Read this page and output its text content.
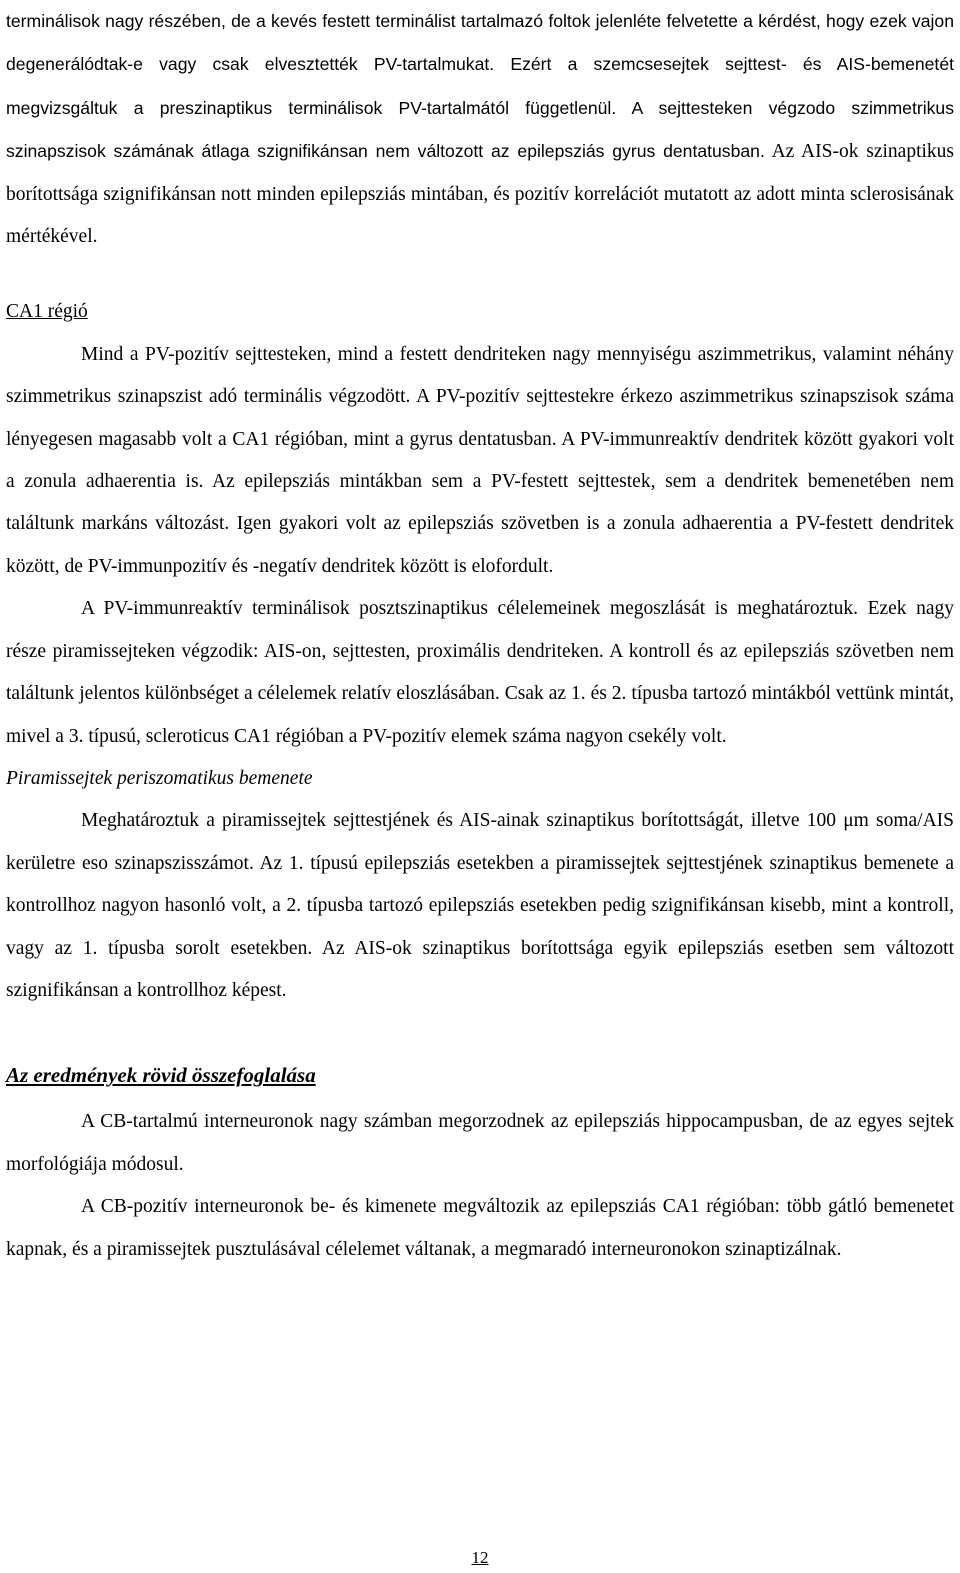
terminálisok nagy részében, de a kevés festett terminálist tartalmazó foltok jelenléte felvetette a kérdést, hogy ezek vajon degenerálódtak-e vagy csak elvesztették PV-tartalmukat. Ezért a szemcsesejtek sejttest- és AIS-bemenetét megvizsgáltuk a preszinaptikus terminálisok PV-tartalmától függetlenül. A sejttesteken végzodo szimmetrikus szinapszisok számának átlaga szignifikánsan nem változott az epilepsziás gyrus dentatusban. Az AIS-ok szinaptikus borítottsága szignifikánsan nott minden epilepsziás mintában, és pozitív korrelációt mutatott az adott minta sclerosisának mértékével.

CA1 régió

Mind a PV-pozitív sejttesteken, mind a festett dendriteken nagy mennyiségu aszimmetrikus, valamint néhány szimmetrikus szinapszist adó terminális végzodött. A PV-pozitív sejttestekre érkezo aszimmetrikus szinapszisok száma lényegesen magasabb volt a CA1 régióban, mint a gyrus dentatusban. A PV-immunreaktív dendritek között gyakori volt a zonula adhaerentia is. Az epilepsziás mintákban sem a PV-festett sejttestek, sem a dendritek bemenetében nem találtunk markáns változást. Igen gyakori volt az epilepsziás szövetben is a zonula adhaerentia a PV-festett dendritek között, de PV-immunpozitív és -negatív dendritek között is elofordult.

A PV-immunreaktív terminálisok posztszinaptikus célelemeinek megoszlását is meghatároztuk. Ezek nagy része piramissejteken végzodik: AIS-on, sejttesten, proximális dendriteken. A kontroll és az epilepsziás szövetben nem találtunk jelentos különbséget a célelemek relatív eloszlásában. Csak az 1. és 2. típusba tartozó mintákból vettünk mintát, mivel a 3. típusú, scleroticus CA1 régióban a PV-pozitív elemek száma nagyon csekély volt.

Piramissejtek periszomatikus bemenete

Meghatároztuk a piramissejtek sejttestjének és AIS-ainak szinaptikus borítottságát, illetve 100 μm soma/AIS kerületre eso szinapszisszámot. Az 1. típusú epilepsziás esetekben a piramissejtek sejttestjének szinaptikus bemenete a kontrollhoz nagyon hasonló volt, a 2. típusba tartozó epilepsziás esetekben pedig szignifikánsan kisebb, mint a kontroll, vagy az 1. típusba sorolt esetekben. Az AIS-ok szinaptikus borítottsága egyik epilepsziás esetben sem változott szignifikánsan a kontrollhoz képest.

Az eredmények rövid összefoglalása

A CB-tartalmú interneuronok nagy számban megorzodnek az epilepsziás hippocampusban, de az egyes sejtek morfológiája módosul.

A CB-pozitív interneuronok be- és kimenete megváltozik az epilepsziás CA1 régióban: több gátló bemenetet kapnak, és a piramissejtek pusztulásával célelemet váltanak, a megmaradó interneuronokon szinaptizálnak.

12
